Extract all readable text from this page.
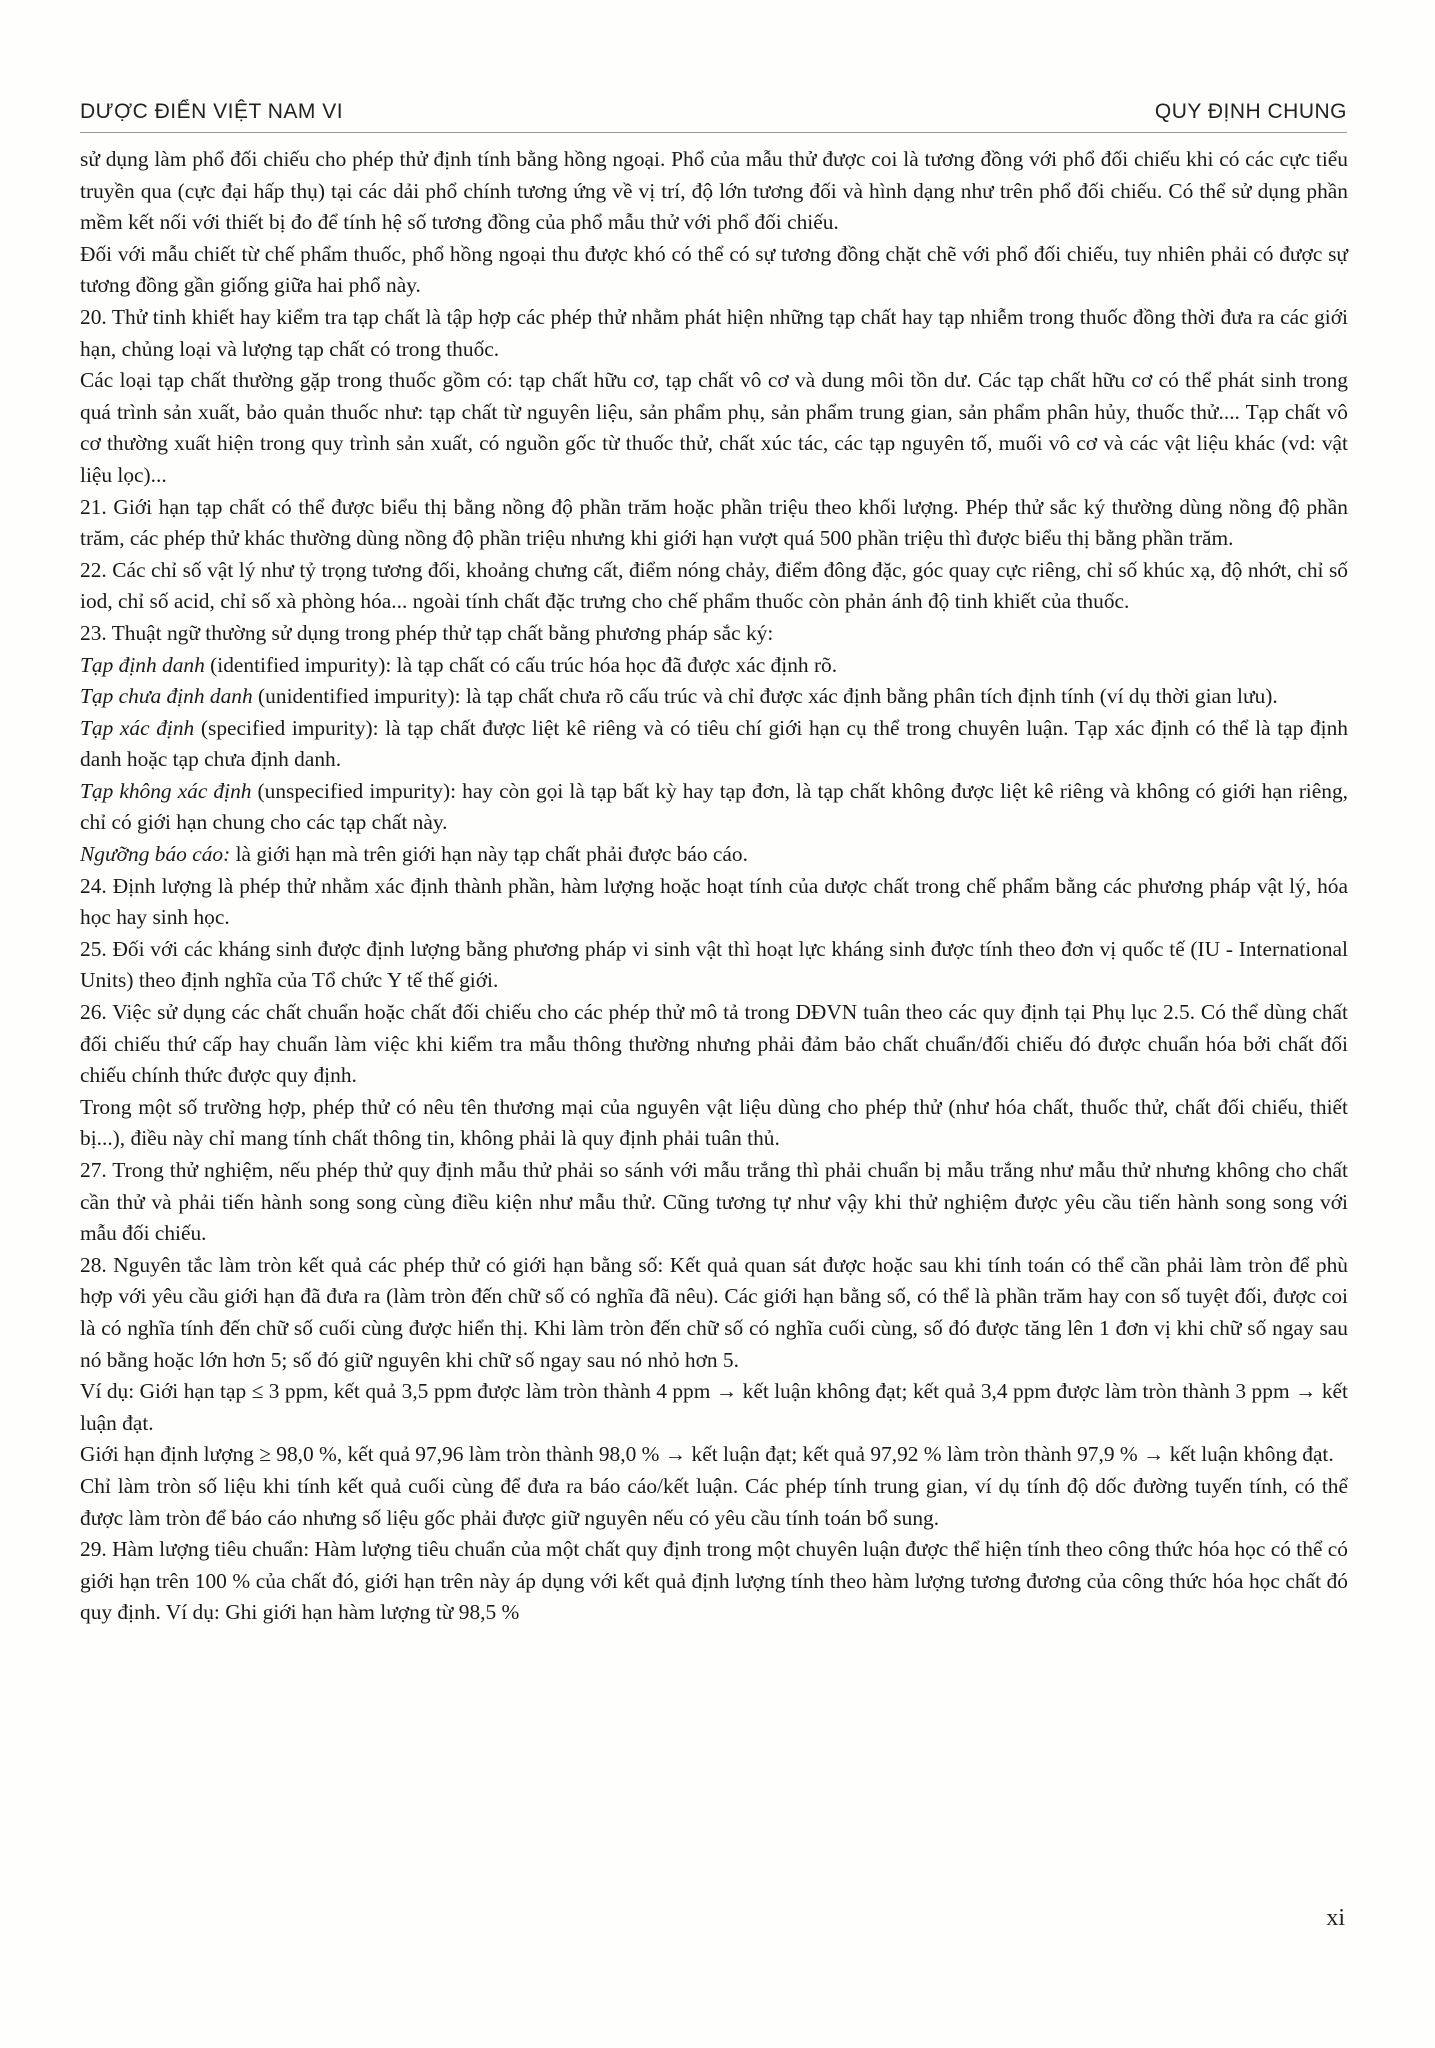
DƯỢC ĐIỂN VIỆT NAM VI	QUY ĐỊNH CHUNG

sử dụng làm phổ đối chiếu cho phép thử định tính bằng hồng ngoại. Phổ của mẫu thử được coi là tương đồng với phổ đối chiếu khi có các cực tiểu truyền qua (cực đại hấp thụ) tại các dải phổ chính tương ứng về vị trí, độ lớn tương đối và hình dạng như trên phổ đối chiếu. Có thể sử dụng phần mềm kết nối với thiết bị đo để tính hệ số tương đồng của phổ mẫu thử với phổ đối chiếu.

Đối với mẫu chiết từ chế phẩm thuốc, phổ hồng ngoại thu được khó có thể có sự tương đồng chặt chẽ với phổ đối chiếu, tuy nhiên phải có được sự tương đồng gần giống giữa hai phổ này.

20. Thử tinh khiết hay kiểm tra tạp chất là tập hợp các phép thử nhằm phát hiện những tạp chất hay tạp nhiễm trong thuốc đồng thời đưa ra các giới hạn, chủng loại và lượng tạp chất có trong thuốc.

Các loại tạp chất thường gặp trong thuốc gồm có: tạp chất hữu cơ, tạp chất vô cơ và dung môi tồn dư. Các tạp chất hữu cơ có thể phát sinh trong quá trình sản xuất, bảo quản thuốc như: tạp chất từ nguyên liệu, sản phẩm phụ, sản phẩm trung gian, sản phẩm phân hủy, thuốc thử.... Tạp chất vô cơ thường xuất hiện trong quy trình sản xuất, có nguồn gốc từ thuốc thử, chất xúc tác, các tạp nguyên tố, muối vô cơ và các vật liệu khác (vd: vật liệu lọc)...

21. Giới hạn tạp chất có thể được biểu thị bằng nồng độ phần trăm hoặc phần triệu theo khối lượng. Phép thử sắc ký thường dùng nồng độ phần trăm, các phép thử khác thường dùng nồng độ phần triệu nhưng khi giới hạn vượt quá 500 phần triệu thì được biểu thị bằng phần trăm.

22. Các chỉ số vật lý như tỷ trọng tương đối, khoảng chưng cất, điểm nóng chảy, điểm đông đặc, góc quay cực riêng, chỉ số khúc xạ, độ nhớt, chỉ số iod, chỉ số acid, chỉ số xà phòng hóa... ngoài tính chất đặc trưng cho chế phẩm thuốc còn phản ánh độ tinh khiết của thuốc.

23. Thuật ngữ thường sử dụng trong phép thử tạp chất bằng phương pháp sắc ký:

Tạp định danh (identified impurity): là tạp chất có cấu trúc hóa học đã được xác định rõ.

Tạp chưa định danh (unidentified impurity): là tạp chất chưa rõ cấu trúc và chỉ được xác định bằng phân tích định tính (ví dụ thời gian lưu).

Tạp xác định (specified impurity): là tạp chất được liệt kê riêng và có tiêu chí giới hạn cụ thể trong chuyên luận. Tạp xác định có thể là tạp định danh hoặc tạp chưa định danh.

Tạp không xác định (unspecified impurity): hay còn gọi là tạp bất kỳ hay tạp đơn, là tạp chất không được liệt kê riêng và không có giới hạn riêng, chỉ có giới hạn chung cho các tạp chất này.

Ngưỡng báo cáo: là giới hạn mà trên giới hạn này tạp chất phải được báo cáo.

24. Định lượng là phép thử nhằm xác định thành phần, hàm lượng hoặc hoạt tính của dược chất trong chế phẩm bằng các phương pháp vật lý, hóa học hay sinh học.

25. Đối với các kháng sinh được định lượng bằng phương pháp vi sinh vật thì hoạt lực kháng sinh được tính theo đơn vị quốc tế (IU - International Units) theo định nghĩa của Tổ chức Y tế thế giới.

26. Việc sử dụng các chất chuẩn hoặc chất đối chiếu cho các phép thử mô tả trong DĐVN tuân theo các quy định tại Phụ lục 2.5. Có thể dùng chất đối chiếu thứ cấp hay chuẩn làm việc khi kiểm tra mẫu thông thường nhưng phải đảm bảo chất chuẩn/đối chiếu đó được chuẩn hóa bởi chất đối chiếu chính thức được quy định.

Trong một số trường hợp, phép thử có nêu tên thương mại của nguyên vật liệu dùng cho phép thử (như hóa chất, thuốc thử, chất đối chiếu, thiết bị...), điều này chỉ mang tính chất thông tin, không phải là quy định phải tuân thủ.

27. Trong thử nghiệm, nếu phép thử quy định mẫu thử phải so sánh với mẫu trắng thì phải chuẩn bị mẫu trắng như mẫu thử nhưng không cho chất cần thử và phải tiến hành song song cùng điều kiện như mẫu thử. Cũng tương tự như vậy khi thử nghiệm được yêu cầu tiến hành song song với mẫu đối chiếu.

28. Nguyên tắc làm tròn kết quả các phép thử có giới hạn bằng số: Kết quả quan sát được hoặc sau khi tính toán có thể cần phải làm tròn để phù hợp với yêu cầu giới hạn đã đưa ra (làm tròn đến chữ số có nghĩa đã nêu). Các giới hạn bằng số, có thể là phần trăm hay con số tuyệt đối, được coi là có nghĩa tính đến chữ số cuối cùng được hiển thị. Khi làm tròn đến chữ số có nghĩa cuối cùng, số đó được tăng lên 1 đơn vị khi chữ số ngay sau nó bằng hoặc lớn hơn 5; số đó giữ nguyên khi chữ số ngay sau nó nhỏ hơn 5.

Ví dụ: Giới hạn tạp ≤ 3 ppm, kết quả 3,5 ppm được làm tròn thành 4 ppm → kết luận không đạt; kết quả 3,4 ppm được làm tròn thành 3 ppm → kết luận đạt.

Giới hạn định lượng ≥ 98,0 %, kết quả 97,96 làm tròn thành 98,0 % → kết luận đạt; kết quả 97,92 % làm tròn thành 97,9 % → kết luận không đạt.

Chỉ làm tròn số liệu khi tính kết quả cuối cùng để đưa ra báo cáo/kết luận. Các phép tính trung gian, ví dụ tính độ dốc đường tuyến tính, có thể được làm tròn để báo cáo nhưng số liệu gốc phải được giữ nguyên nếu có yêu cầu tính toán bổ sung.

29. Hàm lượng tiêu chuẩn: Hàm lượng tiêu chuẩn của một chất quy định trong một chuyên luận được thể hiện tính theo công thức hóa học có thể có giới hạn trên 100 % của chất đó, giới hạn trên này áp dụng với kết quả định lượng tính theo hàm lượng tương đương của công thức hóa học chất đó quy định. Ví dụ: Ghi giới hạn hàm lượng từ 98,5 %

xi
